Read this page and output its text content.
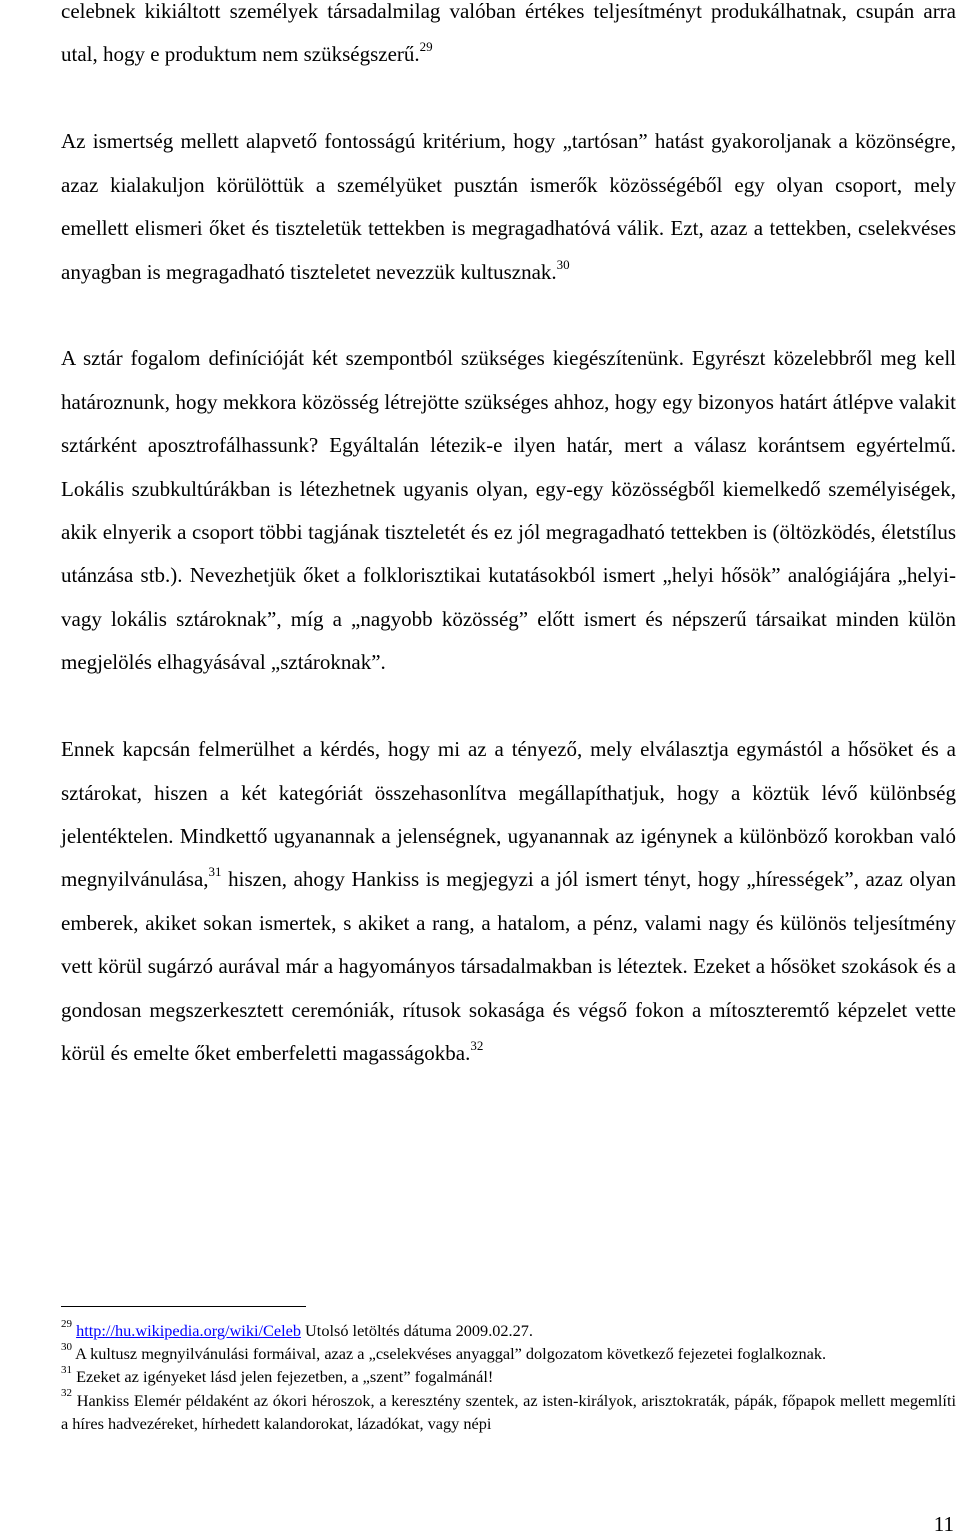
celebnek kikiáltott személyek társadalmilag valóban értékes teljesítményt produkálhatnak, csupán arra utal, hogy e produktum nem szükségszerű.$^{29}$

Az ismertség mellett alapvető fontosságú kritérium, hogy „tartósan” hatást gyakoroljanak a közönségre, azaz kialakuljon körülöttük a személyüket pusztán ismerők közösségéből egy olyan csoport, mely emellett elismeri őket és tiszteletük tettekben is megragadhatóvá válik. Ezt, azaz a tettekben, cselekvéses anyagban is megragadható tiszteletet nevezzük kultusznak.$^{30}$

A sztár fogalom definícióját két szempontból szükséges kiegészítenünk. Egyrészt közelebbről meg kell határoznunk, hogy mekkora közösség létrejötte szükséges ahhoz, hogy egy bizonyos határt átlépve valakit sztárként aposztrofálhassunk? Egyáltalán létezik-e ilyen határ, mert a válasz korántsem egyértelmű. Lokális szubkultúrákban is létezhetnek ugyanis olyan, egy-egy közösségből kiemelkedő személyiségek, akik elnyerik a csoport többi tagjának tiszteletét és ez jól megragadható tettekben is (öltözködés, életstílus utánzása stb.). Nevezhetjük őket a folklorisztikai kutatásokból ismert „helyi hősök” analógiájára „helyi- vagy lokális sztároknak”, míg a „nagyobb közösség” előtt ismert és népszerű társaikat minden külön megjelölés elhagyásával „sztároknak”.

Ennek kapcsán felmerülhet a kérdés, hogy mi az a tényező, mely elválasztja egymástól a hősöket és a sztárokat, hiszen a két kategóriát összehasonlítva megállapíthatjuk, hogy a köztük lévő különbség jelentéktelen. Mindkettő ugyanannak a jelenségnek, ugyanannak az igénynek a különböző korokban való megnyilvánulása,$^{31}$ hiszen, ahogy Hankiss is megjegyzi a jól ismert tényt, hogy „hírességek”, azaz olyan emberek, akiket sokan ismertek, s akiket a rang, a hatalom, a pénz, valami nagy és különös teljesítmény vett körül sugárzó aurával már a hagyományos társadalmakban is léteztek. Ezeket a hősöket szokások és a gondosan megszerkesztett ceremóniák, rítusok sokasága és végső fokon a mítoszteremtő képzelet vette körül és emelte őket emberfeletti magasságokba.$^{32}$

$^{29}$ http://hu.wikipedia.org/wiki/Celeb Utolsó letöltés dátuma 2009.02.27.

$^{30}$ A kultusz megnyilvánulási formáival, azaz a „cselekvéses anyaggal” dolgozatom következő fejezetei foglalkoznak.

$^{31}$ Ezeket az igényeket lásd jelen fejezetben, a „szent” fogalmánál!

$^{32}$ Hankiss Elemér példaként az ókori héroszok, a keresztény szentek, az isten-királyok, arisztokraták, pápák, főpapok mellett megemlíti a híres hadvezéreket, hírhedett kalandorokat, lázadókat, vagy népi

11
